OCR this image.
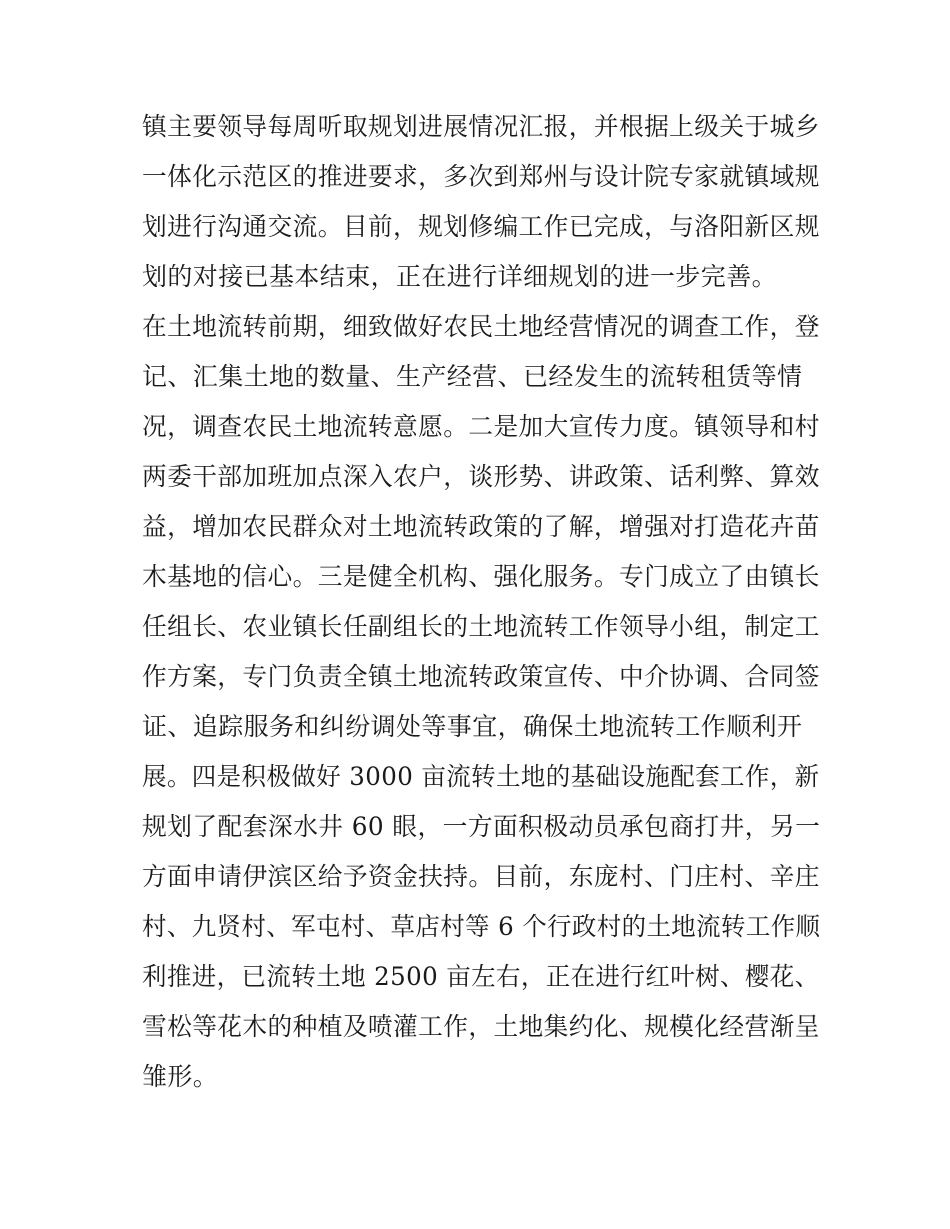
镇主要领导每周听取规划进展情况汇报，并根据上级关于城乡
一体化示范区的推进要求，多次到郑州与设计院专家就镇域规
划进行沟通交流。目前，规划修编工作已完成，与洛阳新区规
划的对接已基本结束，正在进行详细规划的进一步完善。
在土地流转前期，细致做好农民土地经营情况的调查工作，登
记、汇集土地的数量、生产经营、已经发生的流转租赁等情
况，调查农民土地流转意愿。二是加大宣传力度。镇领导和村
两委干部加班加点深入农户，谈形势、讲政策、话利弊、算效
益，增加农民群众对土地流转政策的了解，增强对打造花卉苗
木基地的信心。三是健全机构、强化服务。专门成立了由镇长
任组长、农业镇长任副组长的土地流转工作领导小组，制定工
作方案，专门负责全镇土地流转政策宣传、中介协调、合同签
证、追踪服务和纠纷调处等事宜，确保土地流转工作顺利开
展。四是积极做好 3000 亩流转土地的基础设施配套工作，新
规划了配套深水井 60 眼，一方面积极动员承包商打井，另一
方面申请伊滨区给予资金扶持。目前，东庞村、门庄村、辛庄
村、九贤村、军屯村、草店村等 6 个行政村的土地流转工作顺
利推进，已流转土地 2500 亩左右，正在进行红叶树、樱花、
雪松等花木的种植及喷灌工作，土地集约化、规模化经营渐呈
雏形。
